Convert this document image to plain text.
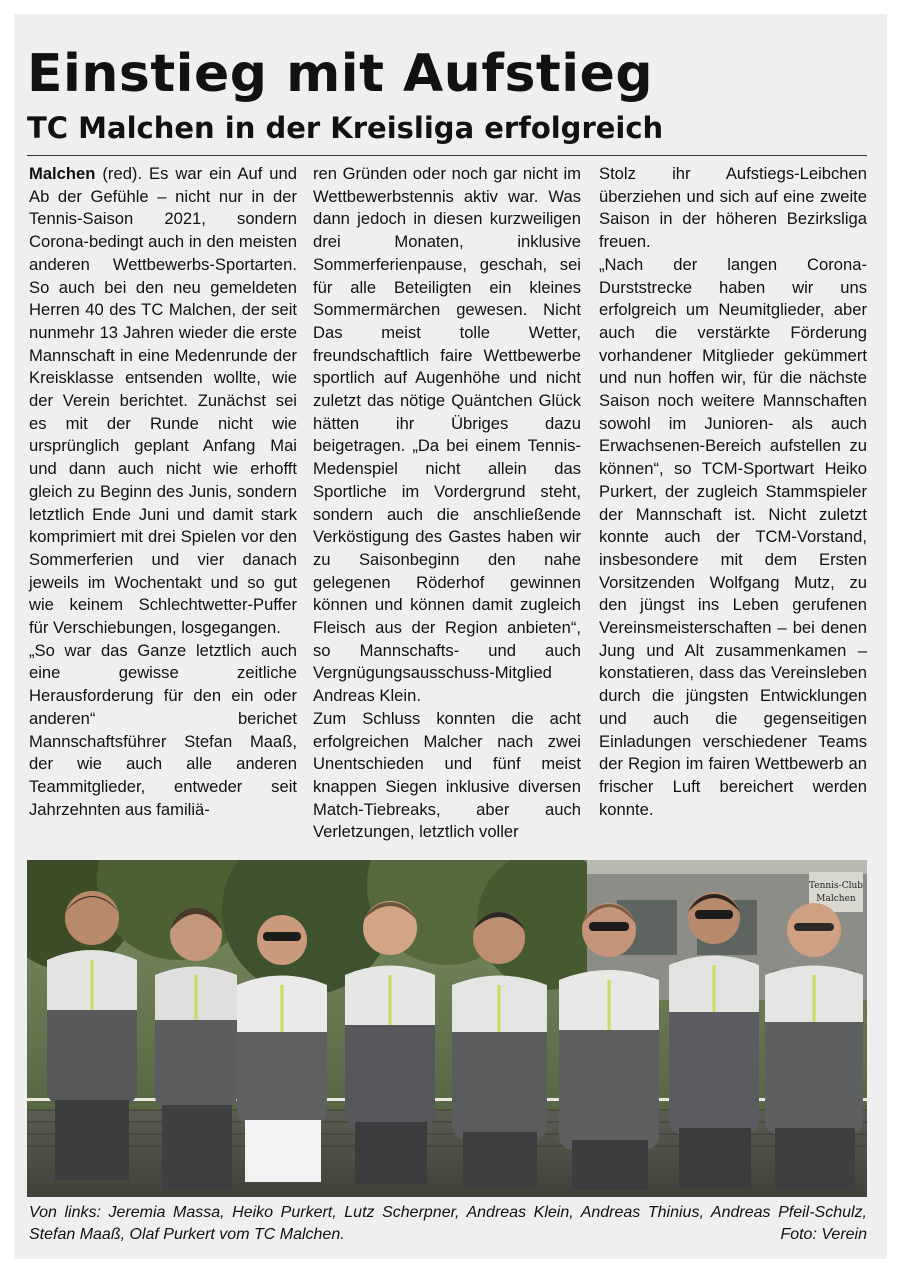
Einstieg mit Aufstieg
TC Malchen in der Kreisliga erfolgreich

Malchen (red). Es war ein Auf und Ab der Gefühle – nicht nur in der Tennis-Saison 2021, sondern Corona-bedingt auch in den meisten anderen Wettbewerbs-Sportarten. So auch bei den neu gemeldeten Herren 40 des TC Malchen, der seit nunmehr 13 Jahren wieder die erste Mannschaft in eine Medenrunde der Kreisklasse entsenden wollte, wie der Verein berichtet. Zunächst sei es mit der Runde nicht wie ursprünglich geplant Anfang Mai und dann auch nicht wie erhofft gleich zu Beginn des Junis, sondern letztlich Ende Juni und damit stark komprimiert mit drei Spielen vor den Sommerferien und vier danach jeweils im Wochentakt und so gut wie keinem Schlechtwetter-Puffer für Verschiebungen, losgegangen.

„So war das Ganze letztlich auch eine gewisse zeitliche Herausforderung für den ein oder anderen“ berichet Mannschaftsführer Stefan Maaß, der wie auch alle anderen Teammitglieder, entweder seit Jahrzehnten aus familiä-

ren Gründen oder noch gar nicht im Wettbewerbstennis aktiv war. Was dann jedoch in diesen kurzweiligen drei Monaten, inklusive Sommerferienpause, geschah, sei für alle Beteiligten ein kleines Sommermärchen gewesen. Nicht Das meist tolle Wetter, freundschaftlich faire Wettbewerbe sportlich auf Augenhöhe und nicht zuletzt das nötige Quäntchen Glück hätten ihr Übriges dazu beigetragen. „Da bei einem Tennis-Medenspiel nicht allein das Sportliche im Vordergrund steht, sondern auch die anschließende Verköstigung des Gastes haben wir zu Saisonbeginn den nahe gelegenen Röderhof gewinnen können und können damit zugleich Fleisch aus der Region anbieten“, so Mannschafts- und auch Vergnügungsausschuss-Mitglied Andreas Klein.

Zum Schluss konnten die acht erfolgreichen Malcher nach zwei Unentschieden und fünf meist knappen Siegen inklusive diversen Match-Tiebreaks, aber auch Verletzungen, letztlich voller

Stolz ihr Aufstiegs-Leibchen überziehen und sich auf eine zweite Saison in der höheren Bezirksliga freuen.

„Nach der langen Corona-Durststrecke haben wir uns erfolgreich um Neumitglieder, aber auch die verstärkte Förderung vorhandener Mitglieder gekümmert und nun hoffen wir, für die nächste Saison noch weitere Mannschaften sowohl im Junioren- als auch Erwachsenen-Bereich aufstellen zu können“, so TCM-Sportwart Heiko Purkert, der zugleich Stammspieler der Mannschaft ist. Nicht zuletzt konnte auch der TCM-Vorstand, insbesondere mit dem Ersten Vorsitzenden Wolfgang Mutz, zu den jüngst ins Leben gerufenen Vereinsmeisterschaften – bei denen Jung und Alt zusammenkamen – konstatieren, dass das Vereinsleben durch die jüngsten Entwicklungen und auch die gegenseitigen Einladungen verschiedener Teams der Region im fairen Wettbewerb an frischer Luft bereichert werden konnte.

Tennis-Club
Malchen

Von links: Jeremia Massa, Heiko Purkert, Lutz Scherpner, Andreas Klein, Andreas Thinius, Andreas Pfeil-Schulz, Stefan Maaß, Olaf Purkert vom TC Malchen.	Foto: Verein
